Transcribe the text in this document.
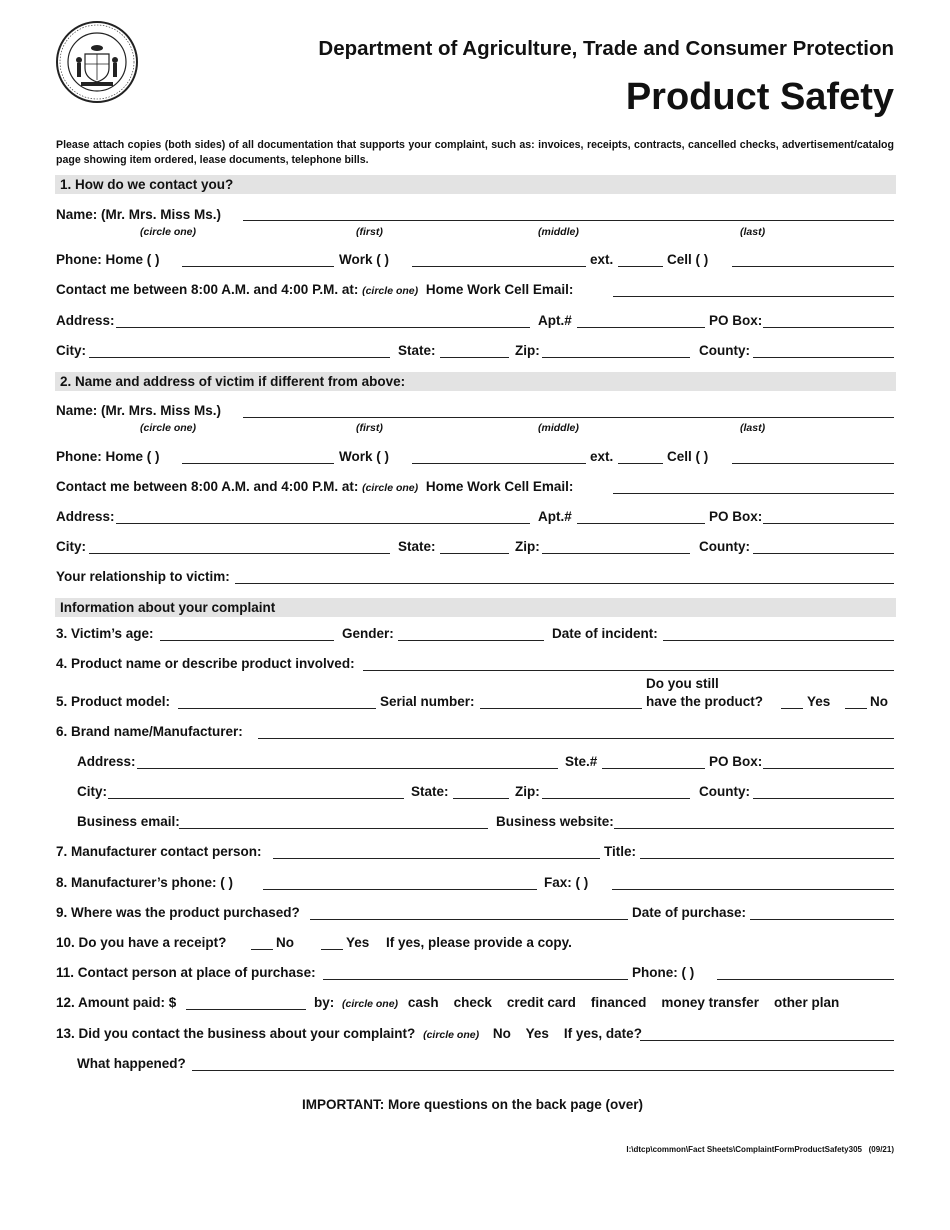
Department of Agriculture, Trade and Consumer Protection
Product Safety
Please attach copies (both sides) of all documentation that supports your complaint, such as: invoices, receipts, contracts, cancelled checks, advertisement/catalog page showing item ordered, lease documents, telephone bills.
1. How do we contact you?
Name: (Mr. Mrs. Miss Ms.)
(circle one)	(first)	(middle)	(last)
Phone: Home ( )	Work ( )	ext.	Cell ( )
Contact me between 8:00 A.M. and 4:00 P.M. at: (circle one) Home Work Cell Email:
Address:	Apt.#	PO Box:
City:	State:	Zip:	County:
2. Name and address of victim if different from above:
Name: (Mr. Mrs. Miss Ms.)
(circle one)	(first)	(middle)	(last)
Phone: Home ( )	Work ( )	ext.	Cell ( )
Contact me between 8:00 A.M. and 4:00 P.M. at: (circle one) Home Work Cell Email:
Address:	Apt.#	PO Box:
City:	State:	Zip:	County:
Your relationship to victim:
Information about your complaint
3. Victim’s age:	Gender:	Date of incident:
4. Product name or describe product involved:
5. Product model:	Serial number:
Do you still
have the product?	Yes	No
6. Brand name/Manufacturer:
Address:	Ste.#	PO Box:
City:	State:	Zip:	County:
Business email:	Business website:
7. Manufacturer contact person:	Title:
8. Manufacturer’s phone: ( )	Fax: ( )
9. Where was the product purchased?	Date of purchase:
10. Do you have a receipt?	No	Yes If yes, please provide a copy.
11. Contact person at place of purchase:	Phone: ( )
12. Amount paid: $	by: (circle one) cash    check    credit card    financed    money transfer    other plan
13. Did you contact the business about your complaint? (circle one) No    Yes    If yes, date?
What happened?
IMPORTANT: More questions on the back page (over)
I:\dtcp\common\Fact Sheets\ComplaintFormProductSafety305   (09/21)
